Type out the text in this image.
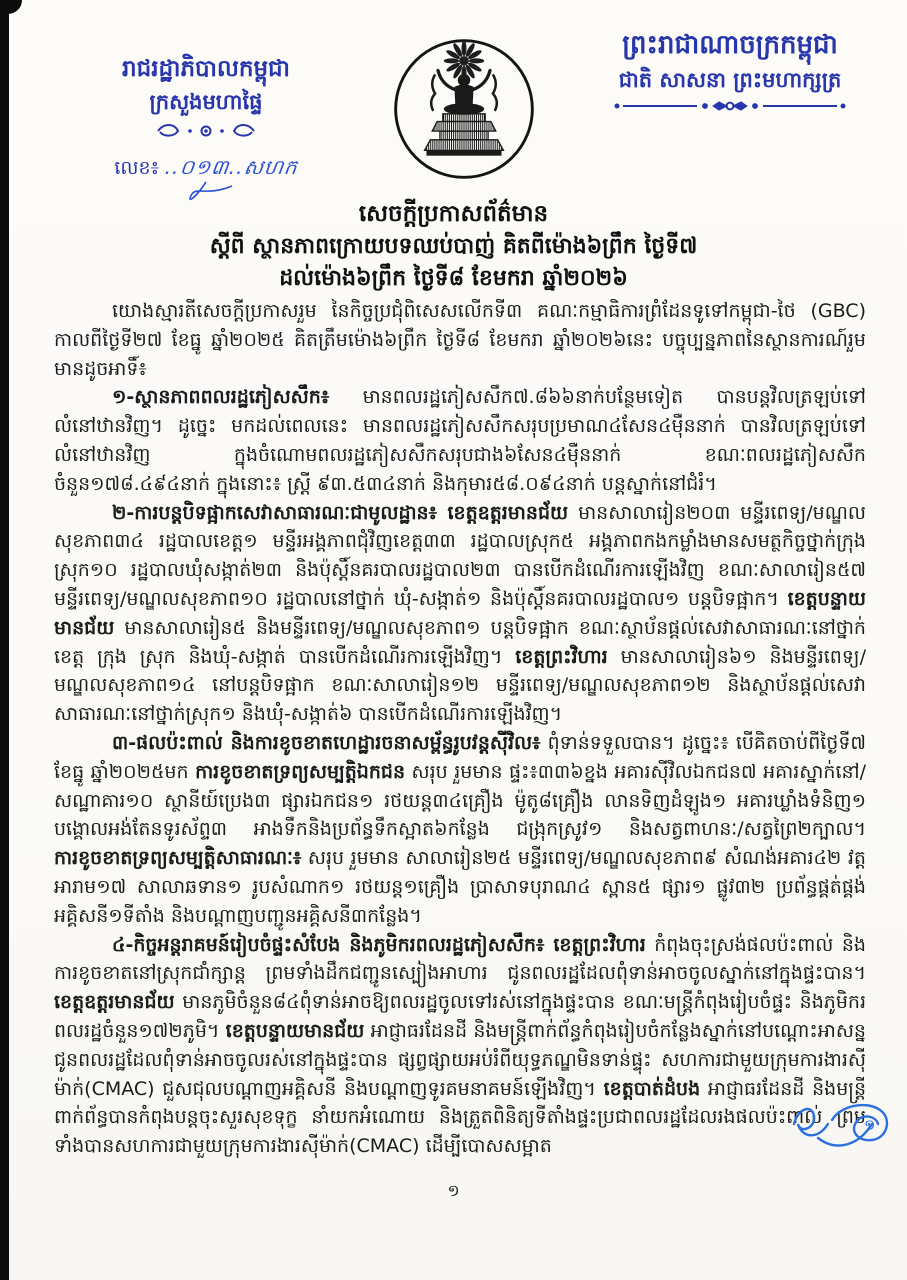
រាជរដ្ឋាភិបាលកម្ពុជា
ក្រសួងមហាផ្ទៃ
លេខ៖ ..០១៣..សហក
ព្រះរាជាណាចក្រកម្ពុជា
ជាតិ សាសនា ព្រះមហាក្សត្រ
សេចក្ដីប្រកាសព័ត៌មាន
ស្ដីពី ស្ថានភាពក្រោយបទឈប់បាញ់ គិតពីម៉ោង៦ព្រឹក ថ្ងៃទី៧
ដល់ម៉ោង៦ព្រឹក ថ្ងៃទី៨ ខែមករា ឆ្នាំ២០២៦

យោងស្មារតីសេចក្ដីប្រកាសរួម នៃកិច្ចប្រជុំពិសេសលើកទី៣ គណៈកម្មាធិការព្រំដែនទូទៅកម្ពុជា-ថៃ (GBC) កាលពីថ្ងៃទី២៧ ខែធ្នូ ឆ្នាំ២០២៥ គិតត្រឹមម៉ោង៦ព្រឹក ថ្ងៃទី៨ ខែមករា ឆ្នាំ២០២៦នេះ បច្ចុប្បន្នភាពនៃស្ថានការណ៍រួម មានដូចអាទិ៍៖

១-ស្ថានភាពពលរដ្ឋភៀសសឹក៖ មានពលរដ្ឋភៀសសឹក៧.៨៦៦នាក់បន្ថែមទៀត បានបន្តវិលត្រឡប់ទៅលំនៅឋានវិញ។ ដូច្នេះ មកដល់ពេលនេះ មានពលរដ្ឋភៀសសឹកសរុបប្រមាណ៤សែន៤ម៉ឺននាក់ បានវិលត្រឡប់ទៅលំនៅឋានវិញ ក្នុងចំណោមពលរដ្ឋភៀសសឹកសរុបជាង៦សែន៤ម៉ឺននាក់ ខណៈពលរដ្ឋភៀសសឹកចំនួន១៧៨.៤៩៤នាក់ ក្នុងនោះ៖ ស្ត្រី ៩៣.៥៣៤នាក់ និងកុមារ៥៨.០៩៤នាក់ បន្តស្នាក់នៅជំរំ។

២-ការបន្តបិទផ្អាកសេវាសាធារណៈជាមូលដ្ឋាន៖ ខេត្តឧត្តរមានជ័យ មានសាលារៀន២០៣ មន្ទីរពេទ្យ/មណ្ឌលសុខភាព៣៤ រដ្ឋបាលខេត្ត១ មន្ទីរអង្គភាពជុំវិញខេត្ត៣៣ រដ្ឋបាលស្រុក៥ អង្គភាពកងកម្លាំងមានសមត្ថកិច្ចថ្នាក់ក្រុង ស្រុក១០ រដ្ឋបាលឃុំសង្កាត់២៣ និងប៉ុស្ដិ៍នគរបាលរដ្ឋបាល២៣ បានបើកដំណើរការឡើងវិញ ខណៈសាលារៀន៥៧ មន្ទីរពេទ្យ/មណ្ឌលសុខភាព១០ រដ្ឋបាលនៅថ្នាក់ ឃុំ-សង្កាត់១ និងប៉ុស្ដិ៍នគរបាលរដ្ឋបាល១ បន្តបិទផ្អាក។ ខេត្តបន្ទាយមានជ័យ មានសាលារៀន៥ និងមន្ទីរពេទ្យ/មណ្ឌលសុខភាព១ បន្តបិទផ្អាក ខណៈស្ថាប័នផ្ដល់សេវាសាធារណៈនៅថ្នាក់ខេត្ត ក្រុង ស្រុក និងឃុំ-សង្កាត់ បានបើកដំណើរការឡើងវិញ។ ខេត្តព្រះវិហារ មានសាលារៀន៦១ និងមន្ទីរពេទ្យ/មណ្ឌលសុខភាព១៤ នៅបន្តបិទផ្អាក ខណៈសាលារៀន១២ មន្ទីរពេទ្យ/មណ្ឌលសុខភាព១២ និងស្ថាប័នផ្ដល់សេវាសាធារណៈនៅថ្នាក់ស្រុក១ និងឃុំ-សង្កាត់៦ បានបើកដំណើរការឡើងវិញ។

៣-ផលប៉ះពាល់ និងការខូចខាតហេដ្ឋារចនាសម្ព័ន្ធរូបវន្តស៊ីវិល៖ ពុំទាន់ទទួលបាន។ ដូច្នេះ៖ បើគិតចាប់ពីថ្ងៃទី៧ ខែធ្នូ ឆ្នាំ២០២៥មក ការខូចខាតទ្រព្យសម្បត្តិឯកជន សរុប រួមមាន ផ្ទះ៖៣៣៦ខ្នង អគារស៊ីវិលឯកជន៧ អគារស្នាក់នៅ/សណ្ឋាគារ១០ ស្ថានីយ៍ប្រេង៣ ផ្សារឯកជន១ រថយន្ត៣៤គ្រឿង ម៉ូតូ៨គ្រឿង លានទិញដំឡូង១ អគារឃ្លាំងទំនិញ១ បង្គោលអង់តែនទូរស័ព្ទ៣ អាងទឹកនិងប្រព័ន្ធទឹកស្អាត៦កន្លែង ជង្រុកស្រូវ១ និងសត្វពាហនៈ/សត្វព្រៃ២ក្បាល។ ការខូចខាតទ្រព្យសម្បត្តិសាធារណៈ៖ សរុប រួមមាន សាលារៀន២៥ មន្ទីរពេទ្យ/មណ្ឌលសុខភាព៩ សំណង់អគារ៤២ វត្តអារាម១៧ សាលាឆទាន១ រូបសំណាក១ រថយន្ត១គ្រឿង ប្រាសាទបុរាណ៤ ស្ពាន៥ ផ្សារ១ ផ្លូវ៣២ ប្រព័ន្ធផ្គត់ផ្គង់អគ្គិសនី១ទីតាំង និងបណ្ដាញបញ្ជូនអគ្គិសនី៣កន្លែង។

៤-កិច្ចអន្តរាគមន៍រៀបចំផ្ទះសំបែង និងភូមិករពលរដ្ឋភៀសសឹក៖ ខេត្តព្រះវិហារ កំពុងចុះស្រង់ផលប៉ះពាល់ និងការខូចខាតនៅស្រុកជាំក្សាន្ត ព្រមទាំងដឹកជញ្ជូនស្បៀងអាហារ ជូនពលរដ្ឋដែលពុំទាន់អាចចូលស្នាក់នៅក្នុងផ្ទះបាន។ ខេត្តឧត្តរមានជ័យ មានភូមិចំនួន៨៤ពុំទាន់អាចឱ្យពលរដ្ឋចូលទៅរស់នៅក្នុងផ្ទះបាន ខណៈមន្ត្រីកំពុងរៀបចំផ្ទះ និងភូមិករពលរដ្ឋចំនួន១៧២ភូមិ។ ខេត្តបន្ទាយមានជ័យ អាជ្ញាធរដែនដី និងមន្ត្រីពាក់ព័ន្ធកំពុងរៀបចំកន្លែងស្នាក់នៅបណ្ដោះអាសន្នជូនពលរដ្ឋដែលពុំទាន់អាចចូលរស់នៅក្នុងផ្ទះបាន ផ្សព្វផ្សាយអប់រំពីយុទ្ធភណ្ឌមិនទាន់ផ្ទុះ សហការជាមួយក្រុមការងារស៊ីម៉ាក់(CMAC) ជួសជុលបណ្ដាញអគ្គិសនី និងបណ្ដាញទូរគមនាគមន៍ឡើងវិញ។ ខេត្តបាត់ដំបង អាជ្ញាធរដែនដី និងមន្ត្រីពាក់ព័ន្ធបានកំពុងបន្តចុះសួរសុខទុក្ខ នាំយកអំណោយ និងត្រួតពិនិត្យទីតាំងផ្ទះប្រជាពលរដ្ឋដែលរងផលប៉ះពាល់ ព្រមទាំងបានសហការជាមួយក្រុមការងារស៊ីម៉ាក់(CMAC) ដើម្បីបោសសម្អាត

១
១
